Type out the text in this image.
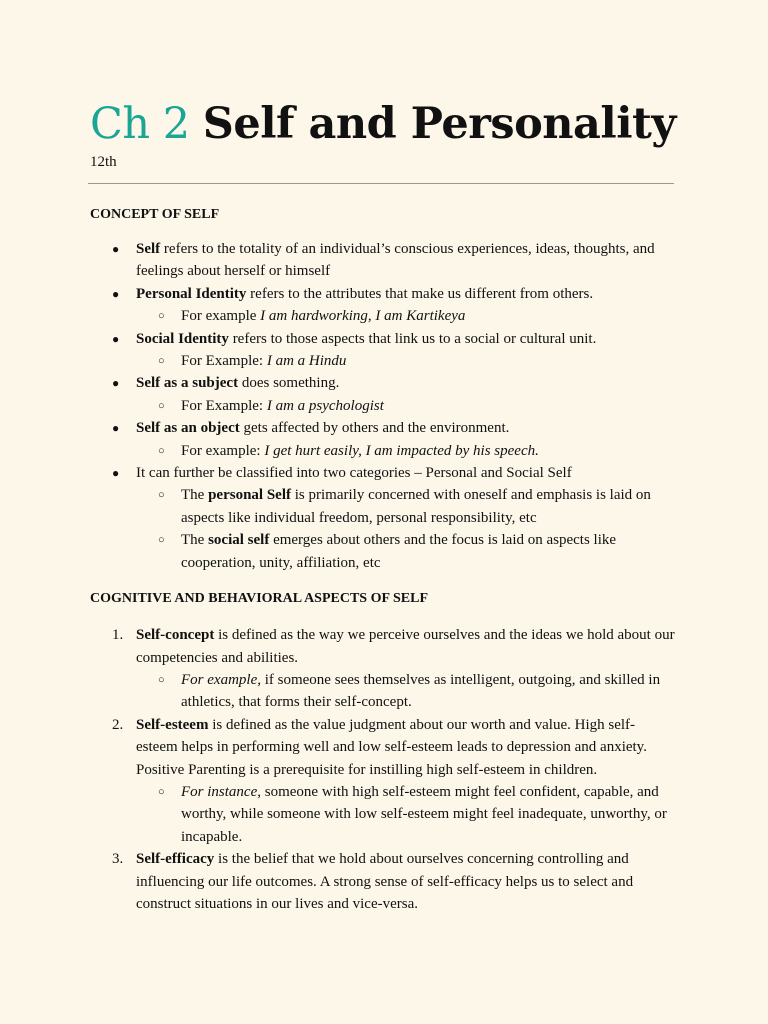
Ch 2 Self and Personality
12th
CONCEPT OF SELF
● Self refers to the totality of an individual’s conscious experiences, ideas, thoughts, and feelings about herself or himself
● Personal Identity refers to the attributes that make us different from others.
○ For example I am hardworking, I am Kartikeya
● Social Identity refers to those aspects that link us to a social or cultural unit.
○ For Example: I am a Hindu
● Self as a subject does something.
○ For Example: I am a psychologist
● Self as an object gets affected by others and the environment.
○ For example: I get hurt easily, I am impacted by his speech.
● It can further be classified into two categories – Personal and Social Self
○ The personal Self is primarily concerned with oneself and emphasis is laid on aspects like individual freedom, personal responsibility, etc
○ The social self emerges about others and the focus is laid on aspects like cooperation, unity, affiliation, etc
COGNITIVE AND BEHAVIORAL ASPECTS OF SELF
1. Self-concept is defined as the way we perceive ourselves and the ideas we hold about our competencies and abilities.
○ For example, if someone sees themselves as intelligent, outgoing, and skilled in athletics, that forms their self-concept.
2. Self-esteem is defined as the value judgment about our worth and value. High self-esteem helps in performing well and low self-esteem leads to depression and anxiety. Positive Parenting is a prerequisite for instilling high self-esteem in children.
○ For instance, someone with high self-esteem might feel confident, capable, and worthy, while someone with low self-esteem might feel inadequate, unworthy, or incapable.
3. Self-efficacy is the belief that we hold about ourselves concerning controlling and influencing our life outcomes. A strong sense of self-efficacy helps us to select and construct situations in our lives and vice-versa.
